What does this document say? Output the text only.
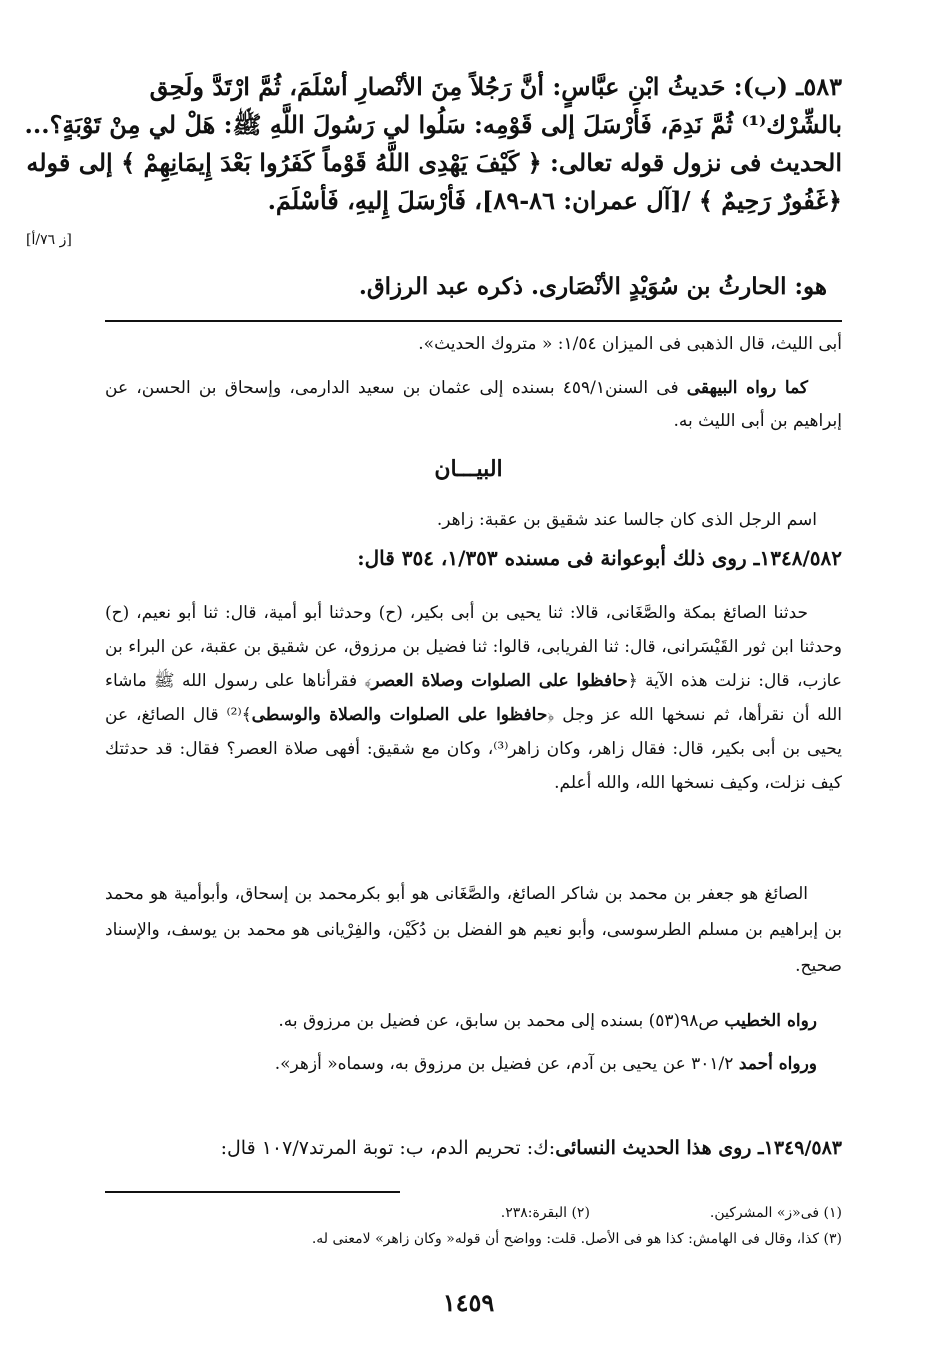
٥٨٣ـ (ب): حَديثُ ابْنِ عبَّاسٍ: أنَّ رَجُلاً مِنَ الأنْصارِ أسْلَمَ، ثُمَّ ارْتَدَّ ولَحِق
بالشِّرْك⁽¹⁾ ثُمَّ نَدِمَ، فَأرْسَلَ إلى قَوْمِه: سَلُوا لي رَسُولَ اللَّهِ ﷺ: هَلْ لي مِنْ تَوْبَةٍ؟...
الحديث فى نزول قوله تعالى: ﴿ كَيْفَ يَهْدِى اللَّهُ قَوْماً كَفَرُوا بَعْدَ إِيمَانِهِمْ ﴾ إلى قوله
﴿غَفُورٌ رَحِيمٌ ﴾ /[آل عمران: ٨٦-٨٩]، فَأرْسَلَ إِليهِ، فَأسْلَمَ.
[ز ٧٦/أ]
هو: الحارثُ بن سُوَيْدٍ الأنْصَارى. ذكره عبد الرزاق.

أبى الليث، قال الذهبى فى الميزان ١/٥٤: « متروك الحديث».

  كما رواه البيهقى فى السنن٤٥٩/١ بسنده إلى عثمان بن سعيد الدارمى، وإسحاق بن الحسن، عن إبراهيم بن أبى الليث به.

البيـــان

اسم الرجل الذى كان جالسا عند شقيق بن عقبة: زاهر.

١٣٤٨/٥٨٢ـ روى ذلك أبوعوانة فى مسنده ١/٣٥٣، ٣٥٤ قال:

  حدثنا الصائغ بمكة والصَّغَانى، قالا: ثنا يحيى بن أبى بكير، (ح) وحدثنا أبو أمية، قال: ثنا أبو نعيم، (ح) وحدثنا ابن ثور القَيْسَرانى، قال: ثنا الفريابى، قالوا: ثنا فضيل بن مرزوق، عن شقيق بن عقبة، عن البراء بن عازب، قال: نزلت هذه الآية ﴿حافظوا على الصلوات وصلاة العصر﴾ فقرأناها على رسول الله ﷺ ماشاء الله أن نقرأها، ثم نسخها الله عز وجل ﴿حافظوا على الصلوات والصلاة والوسطى﴾⁽²⁾ قال الصائغ، عن يحيى بن أبى بكير، قال: فقال زاهر، وكان زاهر⁽³⁾، وكان مع شقيق: أفهى صلاة العصر؟ فقال: قد حدثتك كيف نزلت، وكيف نسخها الله، والله أعلم.

  الصائغ هو جعفر بن محمد بن شاكر الصائغ، والصَّغَانى هو أبو بكرمحمد بن إسحاق، وأبوأمية هو محمد بن إبراهيم بن مسلم الطرسوسى، وأبو نعيم هو الفضل بن دُكَيْن، والفِرْيانى هو محمد بن يوسف، والإسناد صحيح.

رواه الخطيب ص٩٨(٥٣) بسنده إلى محمد بن سابق، عن فضيل بن مرزوق به.

ورواه أحمد ٣٠١/٢ عن يحيى بن آدم، عن فضيل بن مرزوق به، وسماه« أزهر».

١٣٤٩/٥٨٣ـ روى هذا الحديث النسائى:ك: تحريم الدم، ب: توبة المرتد١٠٧/٧ قال:

(١) فى«ز» المشركين.
(٢) البقرة:٢٣٨.
(٣) كذا، وقال فى الهامش: كذا هو فى الأصل. قلت: وواضح أن قوله« وكان زاهر» لامعنى له.
١٤٥٩
